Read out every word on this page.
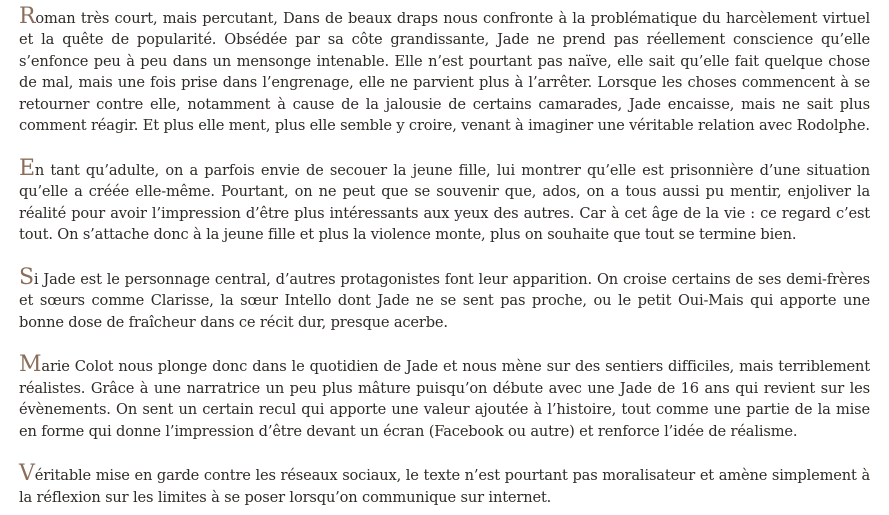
Roman très court, mais percutant, Dans de beaux draps nous confronte à la problématique du harcèlement virtuel et la quête de popularité. Obsédée par sa côte grandissante, Jade ne prend pas réellement conscience qu’elle s’enfonce peu à peu dans un mensonge intenable. Elle n’est pourtant pas naïve, elle sait qu’elle fait quelque chose de mal, mais une fois prise dans l’engrenage, elle ne parvient plus à l’arrêter. Lorsque les choses commencent à se retourner contre elle, notamment à cause de la jalousie de certains camarades, Jade encaisse, mais ne sait plus comment réagir. Et plus elle ment, plus elle semble y croire, venant à imaginer une véritable relation avec Rodolphe.

En tant qu’adulte, on a parfois envie de secouer la jeune fille, lui montrer qu’elle est prisonnière d’une situation qu’elle a créée elle-même. Pourtant, on ne peut que se souvenir que, ados, on a tous aussi pu mentir, enjoliver la réalité pour avoir l’impression d’être plus intéressants aux yeux des autres. Car à cet âge de la vie : ce regard c’est tout. On s’attache donc à la jeune fille et plus la violence monte, plus on souhaite que tout se termine bien.

Si Jade est le personnage central, d’autres protagonistes font leur apparition. On croise certains de ses demi-frères et sœurs comme Clarisse, la sœur Intello dont Jade ne se sent pas proche, ou le petit Oui-Mais qui apporte une bonne dose de fraîcheur dans ce récit dur, presque acerbe.

Marie Colot nous plonge donc dans le quotidien de Jade et nous mène sur des sentiers difficiles, mais terriblement réalistes. Grâce à une narratrice un peu plus mâture puisqu’on débute avec une Jade de 16 ans qui revient sur les évènements. On sent un certain recul qui apporte une valeur ajoutée à l’histoire, tout comme une partie de la mise en forme qui donne l’impression d’être devant un écran (Facebook ou autre) et renforce l’idée de réalisme.

Véritable mise en garde contre les réseaux sociaux, le texte n’est pourtant pas moralisateur et amène simplement à la réflexion sur les limites à se poser lorsqu’on communique sur internet.
